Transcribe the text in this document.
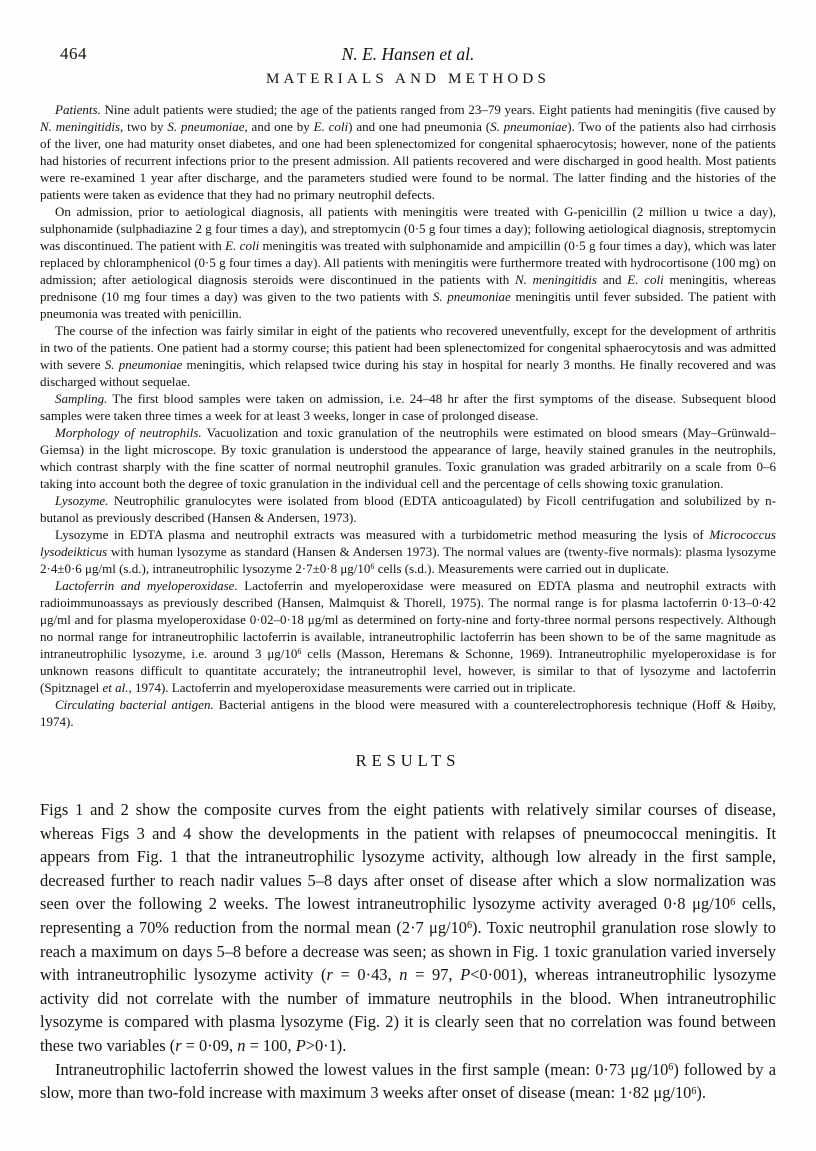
464	N. E. Hansen et al.
MATERIALS AND METHODS

Patients. Nine adult patients were studied; the age of the patients ranged from 23–79 years. Eight patients had meningitis (five caused by N. meningitidis, two by S. pneumoniae, and one by E. coli) and one had pneumonia (S. pneumoniae). Two of the patients also had cirrhosis of the liver, one had maturity onset diabetes, and one had been splenectomized for congenital sphaerocytosis; however, none of the patients had histories of recurrent infections prior to the present admission. All patients recovered and were discharged in good health. Most patients were re-examined 1 year after discharge, and the parameters studied were found to be normal. The latter finding and the histories of the patients were taken as evidence that they had no primary neutrophil defects.

On admission, prior to aetiological diagnosis, all patients with meningitis were treated with G-penicillin (2 million u twice a day), sulphonamide (sulphadiazine 2 g four times a day), and streptomycin (0·5 g four times a day); following aetiological diagnosis, streptomycin was discontinued. The patient with E. coli meningitis was treated with sulphonamide and ampicillin (0·5 g four times a day), which was later replaced by chloramphenicol (0·5 g four times a day). All patients with meningitis were furthermore treated with hydrocortisone (100 mg) on admission; after aetiological diagnosis steroids were discontinued in the patients with N. meningitidis and E. coli meningitis, whereas prednisone (10 mg four times a day) was given to the two patients with S. pneumoniae meningitis until fever subsided. The patient with pneumonia was treated with penicillin.

The course of the infection was fairly similar in eight of the patients who recovered uneventfully, except for the development of arthritis in two of the patients. One patient had a stormy course; this patient had been splenectomized for congenital sphaerocytosis and was admitted with severe S. pneumoniae meningitis, which relapsed twice during his stay in hospital for nearly 3 months. He finally recovered and was discharged without sequelae.

Sampling. The first blood samples were taken on admission, i.e. 24–48 hr after the first symptoms of the disease. Subsequent blood samples were taken three times a week for at least 3 weeks, longer in case of prolonged disease.

Morphology of neutrophils. Vacuolization and toxic granulation of the neutrophils were estimated on blood smears (May–Grünwald–Giemsa) in the light microscope. By toxic granulation is understood the appearance of large, heavily stained granules in the neutrophils, which contrast sharply with the fine scatter of normal neutrophil granules. Toxic granulation was graded arbitrarily on a scale from 0–6 taking into account both the degree of toxic granulation in the individual cell and the percentage of cells showing toxic granulation.

Lysozyme. Neutrophilic granulocytes were isolated from blood (EDTA anticoagulated) by Ficoll centrifugation and solubilized by n-butanol as previously described (Hansen & Andersen, 1973).

Lysozyme in EDTA plasma and neutrophil extracts was measured with a turbidometric method measuring the lysis of Micrococcus lysodeikticus with human lysozyme as standard (Hansen & Andersen 1973). The normal values are (twenty-five normals): plasma lysozyme 2·4±0·6 μg/ml (s.d.), intraneutrophilic lysozyme 2·7±0·8 $\mu g/10^6$ cells (s.d.). Measurements were carried out in duplicate.

Lactoferrin and myeloperoxidase. Lactoferrin and myeloperoxidase were measured on EDTA plasma and neutrophil extracts with radioimmunoassays as previously described (Hansen, Malmquist & Thorell, 1975). The normal range is for plasma lactoferrin 0·13–0·42 μg/ml and for plasma myeloperoxidase 0·02–0·18 μg/ml as determined on forty-nine and forty-three normal persons respectively. Although no normal range for intraneutrophilic lactoferrin is available, intraneutrophilic lactoferrin has been shown to be of the same magnitude as intraneutrophilic lysozyme, i.e. around 3 $\mu g/10^6$ cells (Masson, Heremans & Schonne, 1969). Intraneutrophilic myeloperoxidase is for unknown reasons difficult to quantitate accurately; the intraneutrophil level, however, is similar to that of lysozyme and lactoferrin (Spitznagel et al., 1974). Lactoferrin and myeloperoxidase measurements were carried out in triplicate.

Circulating bacterial antigen. Bacterial antigens in the blood were measured with a counterelectrophoresis technique (Hoff & Høiby, 1974).

RESULTS

Figs 1 and 2 show the composite curves from the eight patients with relatively similar courses of disease, whereas Figs 3 and 4 show the developments in the patient with relapses of pneumococcal meningitis. It appears from Fig. 1 that the intraneutrophilic lysozyme activity, although low already in the first sample, decreased further to reach nadir values 5–8 days after onset of disease after which a slow normalization was seen over the following 2 weeks. The lowest intraneutrophilic lysozyme activity averaged 0·8 $\mu g/10^6$ cells, representing a 70% reduction from the normal mean (2·7 $\mu g/10^6$). Toxic neutrophil granulation rose slowly to reach a maximum on days 5–8 before a decrease was seen; as shown in Fig. 1 toxic granulation varied inversely with intraneutrophilic lysozyme activity (r = 0·43, n = 97, P<0·001), whereas intraneutrophilic lysozyme activity did not correlate with the number of immature neutrophils in the blood. When intraneutrophilic lysozyme is compared with plasma lysozyme (Fig. 2) it is clearly seen that no correlation was found between these two variables (r = 0·09, n = 100, P>0·1).

Intraneutrophilic lactoferrin showed the lowest values in the first sample (mean: 0·73 $\mu g/10^6$) followed by a slow, more than two-fold increase with maximum 3 weeks after onset of disease (mean: 1·82 $\mu g/10^6$).
